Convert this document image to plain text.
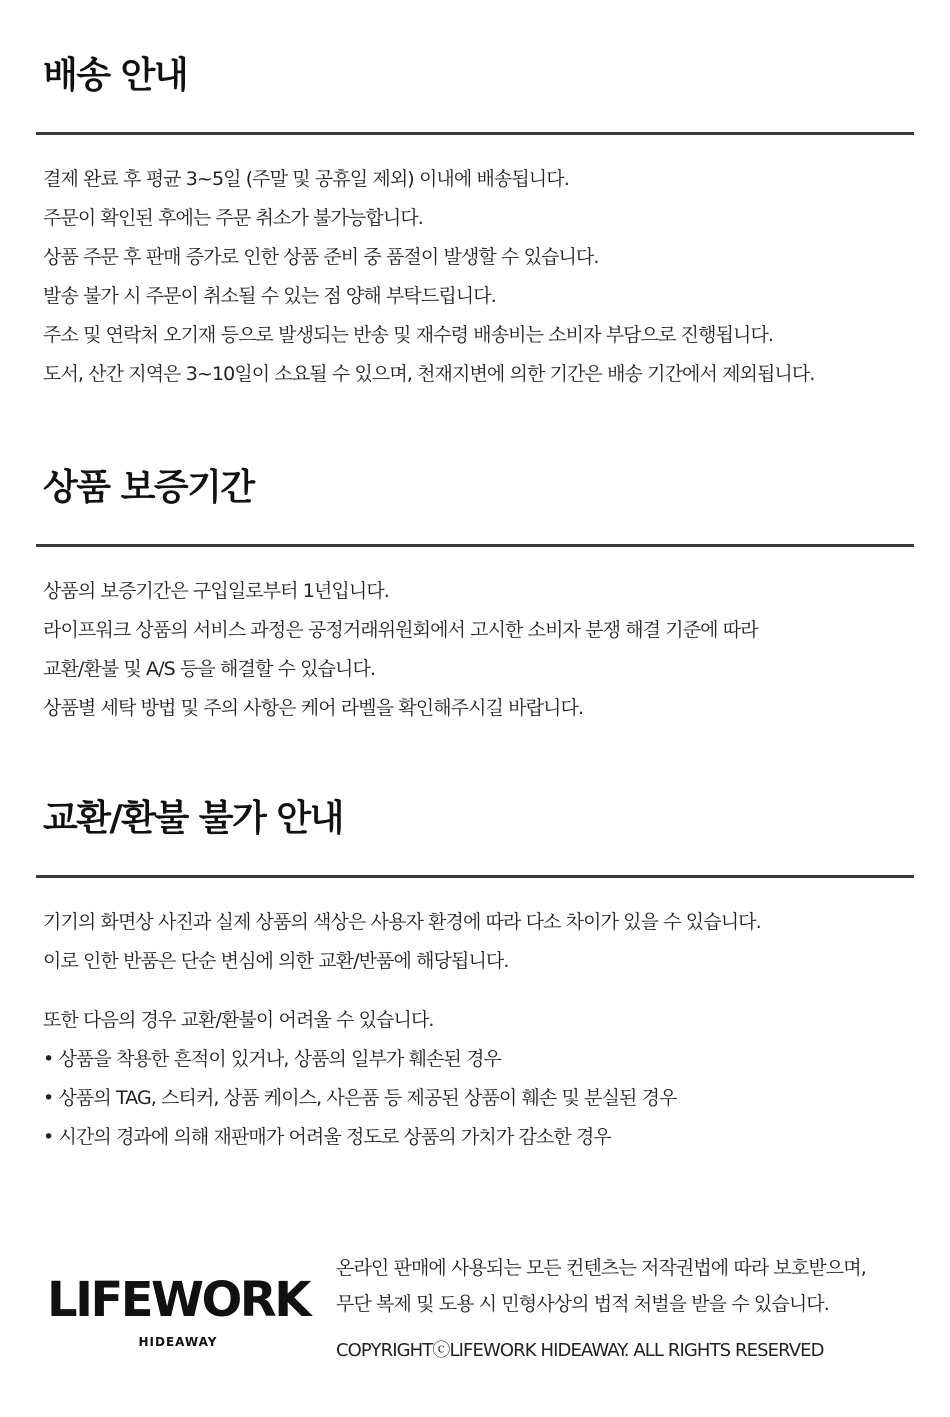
배송 안내
결제 완료 후 평균 3~5일 (주말 및 공휴일 제외) 이내에 배송됩니다.
주문이 확인된 후에는 주문 취소가 불가능합니다.
상품 주문 후 판매 증가로 인한 상품 준비 중 품절이 발생할 수 있습니다.
발송 불가 시 주문이 취소될 수 있는 점 양해 부탁드립니다.
주소 및 연락처 오기재 등으로 발생되는 반송 및 재수령 배송비는 소비자 부담으로 진행됩니다.
도서, 산간 지역은 3~10일이 소요될 수 있으며, 천재지변에 의한 기간은 배송 기간에서 제외됩니다.
상품 보증기간
상품의 보증기간은 구입일로부터 1년입니다.
라이프워크 상품의 서비스 과정은 공정거래위원회에서 고시한 소비자 분쟁 해결 기준에 따라
교환/환불 및 A/S 등을 해결할 수 있습니다.
상품별 세탁 방법 및 주의 사항은 케어 라벨을 확인해주시길 바랍니다.
교환/환불 불가 안내
기기의 화면상 사진과 실제 상품의 색상은 사용자 환경에 따라 다소 차이가 있을 수 있습니다.
이로 인한 반품은 단순 변심에 의한 교환/반품에 해당됩니다.
또한 다음의 경우 교환/환불이 어려울 수 있습니다.
• 상품을 착용한 흔적이 있거나, 상품의 일부가 훼손된 경우
• 상품의 TAG, 스티커, 상품 케이스, 사은품 등 제공된 상품이 훼손 및 분실된 경우
• 시간의 경과에 의해 재판매가 어려울 정도로 상품의 가치가 감소한 경우
LIFEWORK
HIDEAWAY
온라인 판매에 사용되는 모든 컨텐츠는 저작권법에 따라 보호받으며,
무단 복제 및 도용 시 민형사상의 법적 처벌을 받을 수 있습니다.
COPYRIGHTⓒLIFEWORK HIDEAWAY. ALL RIGHTS RESERVED
